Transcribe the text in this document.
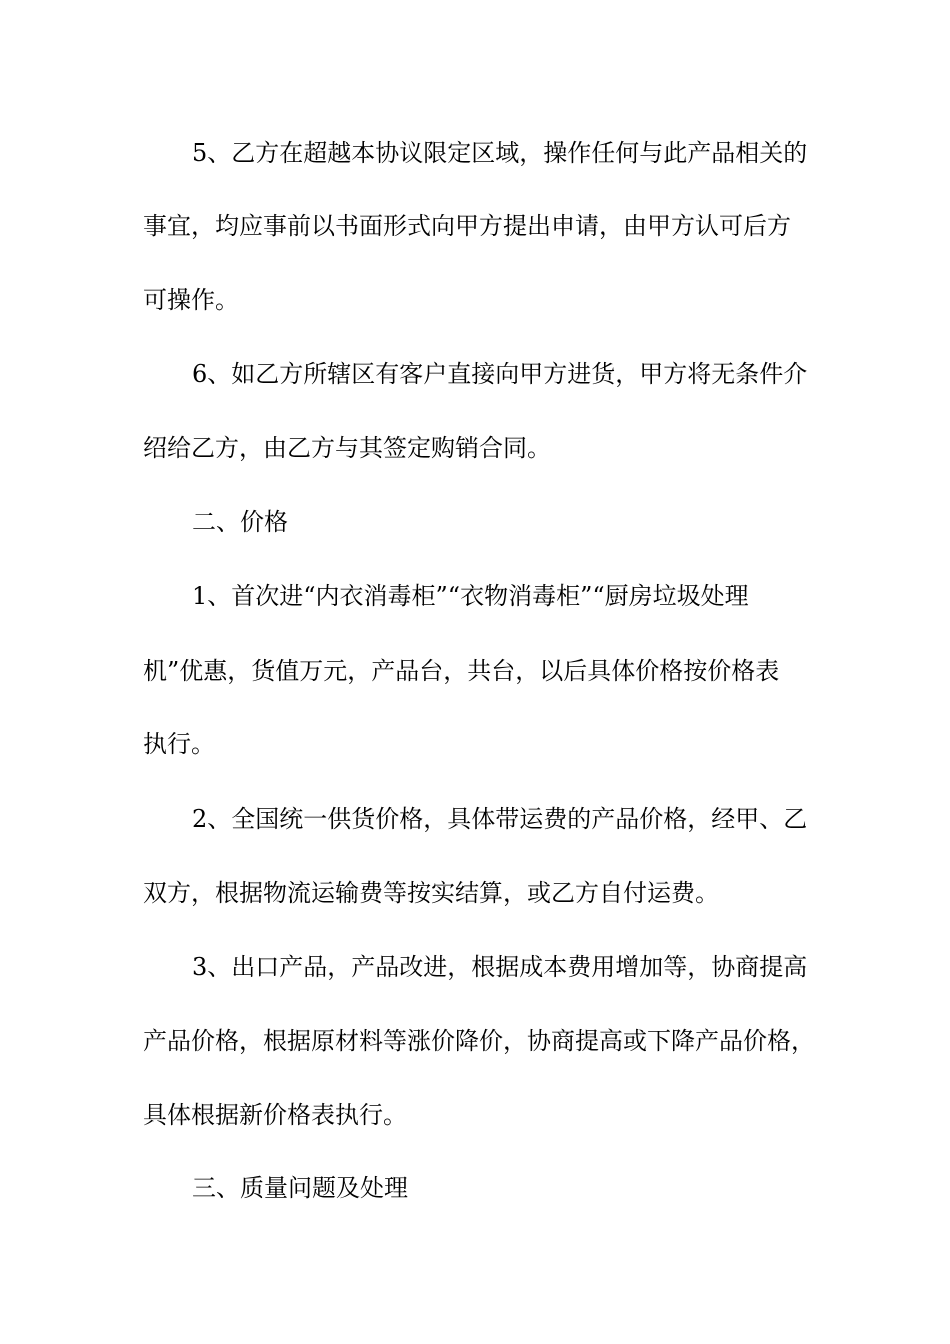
5、乙方在超越本协议限定区域，操作任何与此产品相关的
事宜，均应事前以书面形式向甲方提出申请，由甲方认可后方
可操作。
6、如乙方所辖区有客户直接向甲方进货，甲方将无条件介
绍给乙方，由乙方与其签定购销合同。
二、价格
1、首次进“内衣消毒柜”“衣物消毒柜”“厨房垃圾处理
机”优惠，货值万元，产品台，共台，以后具体价格按价格表
执行。
2、全国统一供货价格，具体带运费的产品价格，经甲、乙
双方，根据物流运输费等按实结算，或乙方自付运费。
3、出口产品，产品改进，根据成本费用增加等，协商提高
产品价格，根据原材料等涨价降价，协商提高或下降产品价格，
具体根据新价格表执行。
三、质量问题及处理
